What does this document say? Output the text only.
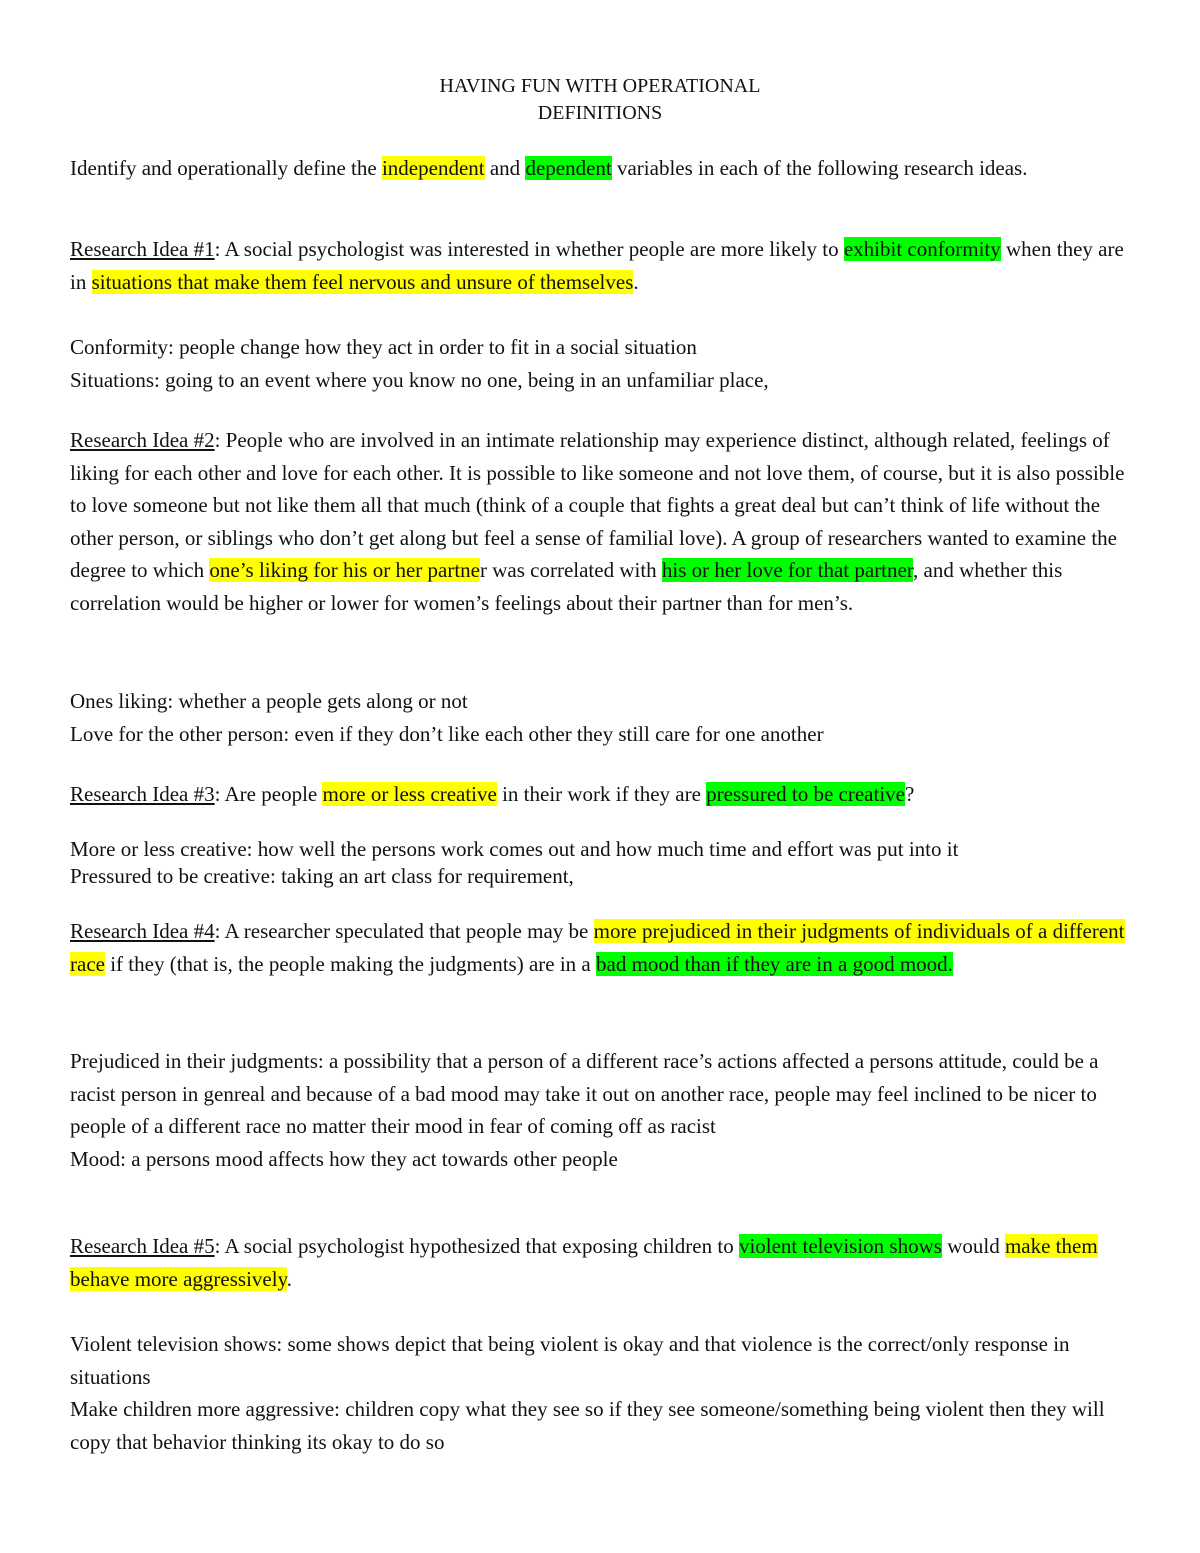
HAVING FUN WITH OPERATIONAL
DEFINITIONS
Identify and operationally define the independent and dependent variables in each of the following research ideas.
Research Idea #1: A social psychologist was interested in whether people are more likely to exhibit conformity when they are in situations that make them feel nervous and unsure of themselves.
Conformity: people change how they act in order to fit in a social situation
Situations: going to an event where you know no one, being in an unfamiliar place,
Research Idea #2: People who are involved in an intimate relationship may experience distinct, although related, feelings of liking for each other and love for each other. It is possible to like someone and not love them, of course, but it is also possible to love someone but not like them all that much (think of a couple that fights a great deal but can’t think of life without the other person, or siblings who don’t get along but feel a sense of familial love). A group of researchers wanted to examine the degree to which one’s liking for his or her partner was correlated with his or her love for that partner, and whether this correlation would be higher or lower for women’s feelings about their partner than for men’s.
Ones liking: whether a people gets along or not
Love for the other person: even if they don’t like each other they still care for one another
Research Idea #3: Are people more or less creative in their work if they are pressured to be creative?
More or less creative: how well the persons work comes out and how much time and effort was put into it
Pressured to be creative: taking an art class for requirement,
Research Idea #4: A researcher speculated that people may be more prejudiced in their judgments of individuals of a different race if they (that is, the people making the judgments) are in a bad mood than if they are in a good mood.
Prejudiced in their judgments: a possibility that a person of a different race’s actions affected a persons attitude, could be a racist person in genreal and because of a bad mood may take it out on another race, people may feel inclined to be nicer to people of a different race no matter their mood in fear of coming off as racist
Mood: a persons mood affects how they act towards other people
Research Idea #5: A social psychologist hypothesized that exposing children to violent television shows would make them behave more aggressively.
Violent television shows: some shows depict that being violent is okay and that violence is the correct/only response in situations
Make children more aggressive: children copy what they see so if they see someone/something being violent then they will copy that behavior thinking its okay to do so
